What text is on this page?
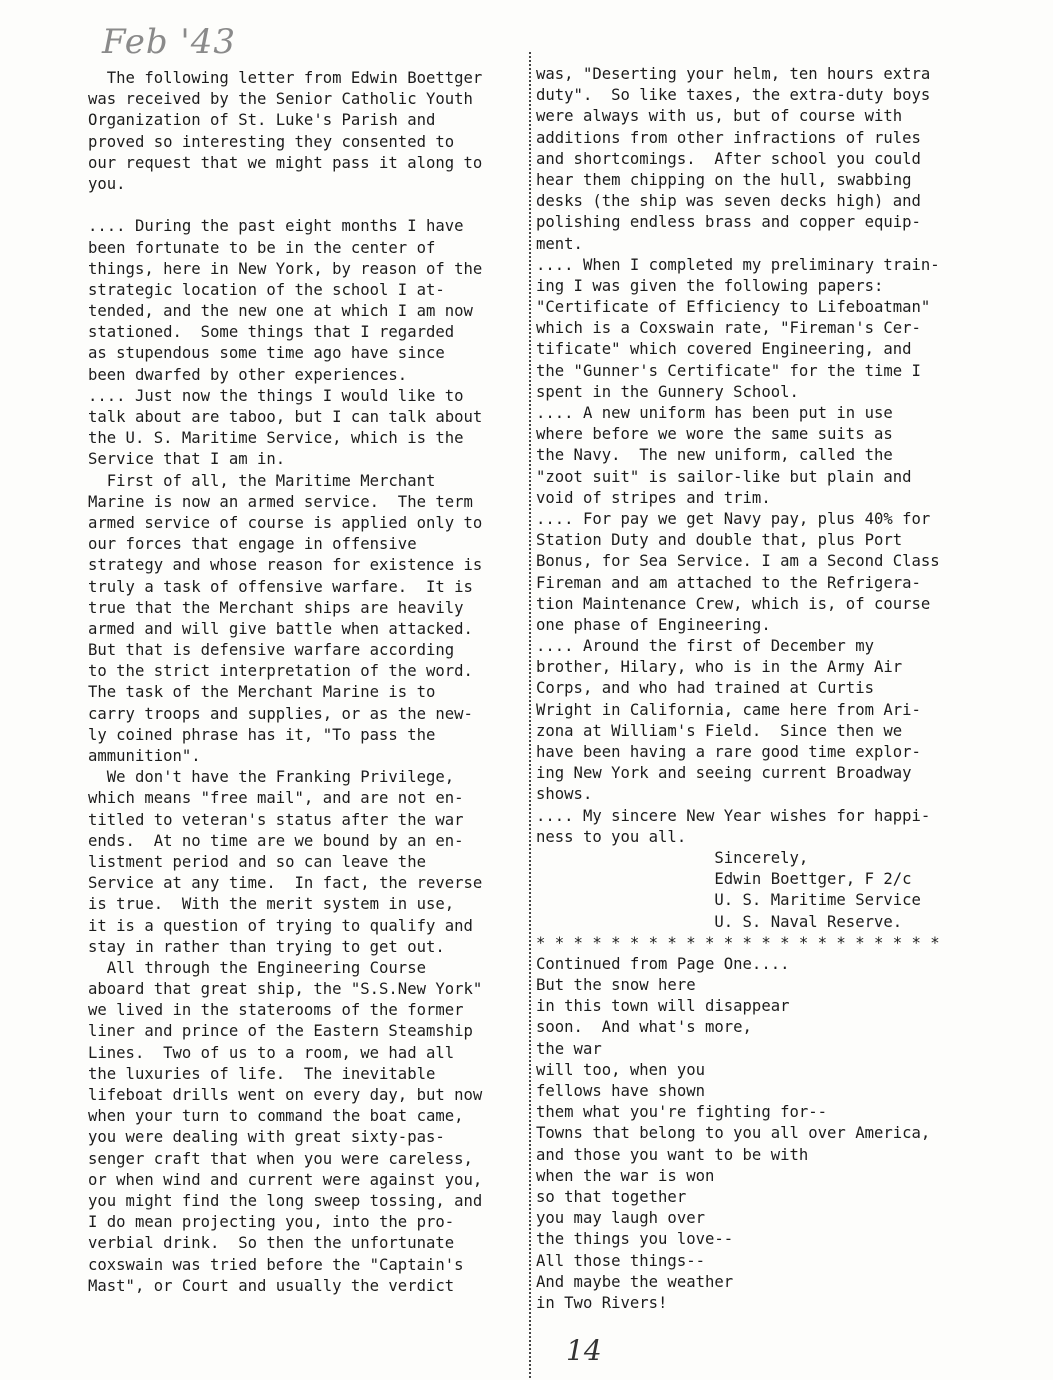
Feb '43
The following letter from Edwin Boettger
was received by the Senior Catholic Youth
Organization of St. Luke's Parish and
proved so interesting they consented to
our request that we might pass it along to
you.
.... During the past eight months I have
been fortunate to be in the center of
things, here in New York, by reason of the
strategic location of the school I at-
tended, and the new one at which I am now
stationed.  Some things that I regarded
as stupendous some time ago have since
been dwarfed by other experiences.
.... Just now the things I would like to
talk about are taboo, but I can talk about
the U. S. Maritime Service, which is the
Service that I am in.
First of all, the Maritime Merchant
Marine is now an armed service.  The term
armed service of course is applied only to
our forces that engage in offensive
strategy and whose reason for existence is
truly a task of offensive warfare.  It is
true that the Merchant ships are heavily
armed and will give battle when attacked.
But that is defensive warfare according
to the strict interpretation of the word.
The task of the Merchant Marine is to
carry troops and supplies, or as the new-
ly coined phrase has it, "To pass the
ammunition".
We don't have the Franking Privilege,
which means "free mail", and are not en-
titled to veteran's status after the war
ends.  At no time are we bound by an en-
listment period and so can leave the
Service at any time.  In fact, the reverse
is true.  With the merit system in use,
it is a question of trying to qualify and
stay in rather than trying to get out.
All through the Engineering Course
aboard that great ship, the "S.S.New York"
we lived in the staterooms of the former
liner and prince of the Eastern Steamship
Lines.  Two of us to a room, we had all
the luxuries of life.  The inevitable
lifeboat drills went on every day, but now
when your turn to command the boat came,
you were dealing with great sixty-pas-
senger craft that when you were careless,
or when wind and current were against you,
you might find the long sweep tossing, and
I do mean projecting you, into the pro-
verbial drink.  So then the unfortunate
coxswain was tried before the "Captain's
Mast", or Court and usually the verdict
was, "Deserting your helm, ten hours extra
duty".  So like taxes, the extra-duty boys
were always with us, but of course with
additions from other infractions of rules
and shortcomings.  After school you could
hear them chipping on the hull, swabbing
desks (the ship was seven decks high) and
polishing endless brass and copper equip-
ment.
.... When I completed my preliminary train-
ing I was given the following papers:
"Certificate of Efficiency to Lifeboatman"
which is a Coxswain rate, "Fireman's Cer-
tificate" which covered Engineering, and
the "Gunner's Certificate" for the time I
spent in the Gunnery School.
.... A new uniform has been put in use
where before we wore the same suits as
the Navy.  The new uniform, called the
"zoot suit" is sailor-like but plain and
void of stripes and trim.
.... For pay we get Navy pay, plus 40% for
Station Duty and double that, plus Port
Bonus, for Sea Service. I am a Second Class
Fireman and am attached to the Refrigera-
tion Maintenance Crew, which is, of course
one phase of Engineering.
.... Around the first of December my
brother, Hilary, who is in the Army Air
Corps, and who had trained at Curtis
Wright in California, came here from Ari-
zona at William's Field.  Since then we
have been having a rare good time explor-
ing New York and seeing current Broadway
shows.
.... My sincere New Year wishes for happi-
ness to you all.
Sincerely,
Edwin Boettger, F 2/c
U. S. Maritime Service
U. S. Naval Reserve.
* * * * * * * * * * * * * * * * * * * * * *
Continued from Page One....
But the snow here
in this town will disappear
soon.  And what's more,
the war
will too, when you
fellows have shown
them what you're fighting for--
Towns that belong to you all over America,
and those you want to be with
when the war is won
so that together
you may laugh over
the things you love--
All those things--
And maybe the weather
in Two Rivers!
14
